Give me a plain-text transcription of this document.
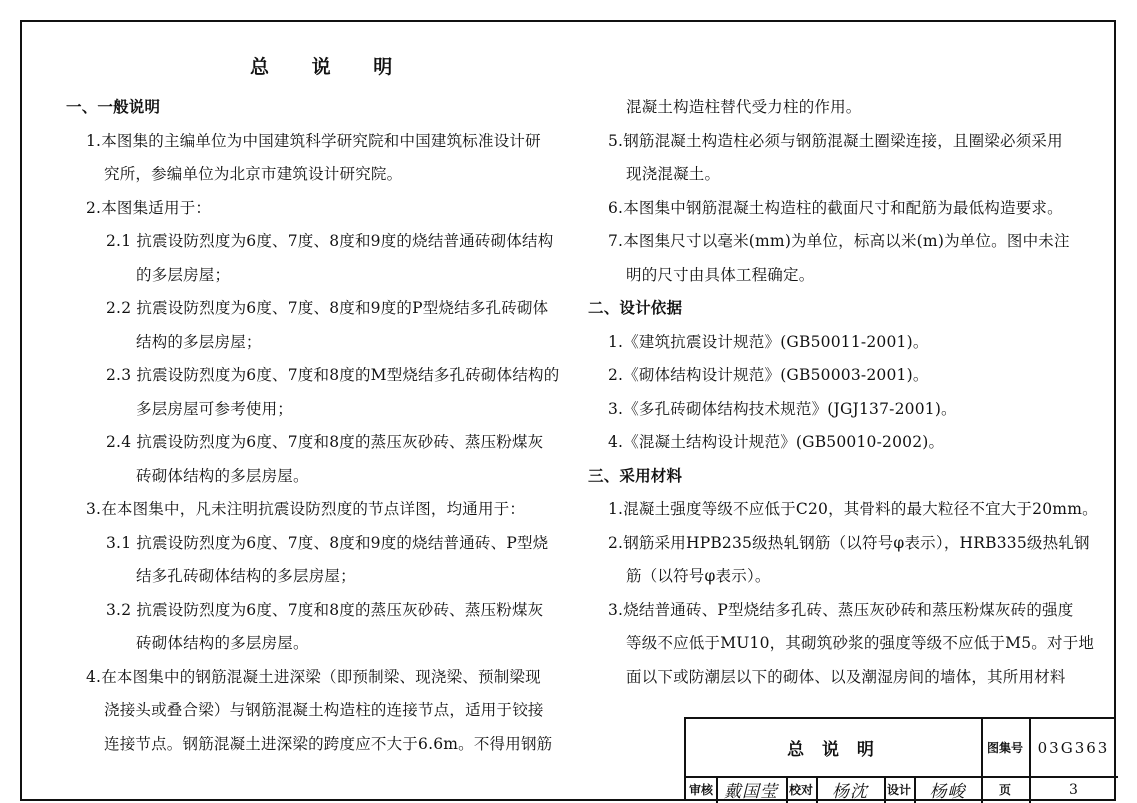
总 说 明
一、一般说明
1.本图集的主编单位为中国建筑科学研究院和中国建筑标准设计研
究所，参编单位为北京市建筑设计研究院。
2.本图集适用于：
2.1 抗震设防烈度为6度、7度、8度和9度的烧结普通砖砌体结构
的多层房屋；
2.2 抗震设防烈度为6度、7度、8度和9度的P型烧结多孔砖砌体
结构的多层房屋；
2.3 抗震设防烈度为6度、7度和8度的M型烧结多孔砖砌体结构的
多层房屋可参考使用；
2.4 抗震设防烈度为6度、7度和8度的蒸压灰砂砖、蒸压粉煤灰
砖砌体结构的多层房屋。
3.在本图集中，凡未注明抗震设防烈度的节点详图，均通用于：
3.1 抗震设防烈度为6度、7度、8度和9度的烧结普通砖、P型烧
结多孔砖砌体结构的多层房屋；
3.2 抗震设防烈度为6度、7度和8度的蒸压灰砂砖、蒸压粉煤灰
砖砌体结构的多层房屋。
4.在本图集中的钢筋混凝土进深梁（即预制梁、现浇梁、预制梁现
浇接头或叠合梁）与钢筋混凝土构造柱的连接节点，适用于铰接
连接节点。钢筋混凝土进深梁的跨度应不大于6.6m。不得用钢筋
混凝土构造柱替代受力柱的作用。
5.钢筋混凝土构造柱必须与钢筋混凝土圈梁连接，且圈梁必须采用
现浇混凝土。
6.本图集中钢筋混凝土构造柱的截面尺寸和配筋为最低构造要求。
7.本图集尺寸以毫米(mm)为单位，标高以米(m)为单位。图中未注
明的尺寸由具体工程确定。
二、设计依据
1.《建筑抗震设计规范》(GB50011-2001)。
2.《砌体结构设计规范》(GB50003-2001)。
3.《多孔砖砌体结构技术规范》(JGJ137-2001)。
4.《混凝土结构设计规范》(GB50010-2002)。
三、采用材料
1.混凝土强度等级不应低于C20，其骨料的最大粒径不宜大于20mm。
2.钢筋采用HPB235级热轧钢筋（以符号φ表示），HRB335级热轧钢
筋（以符号φ表示）。
3.烧结普通砖、P型烧结多孔砖、蒸压灰砂砖和蒸压粉煤灰砖的强度
等级不应低于MU10，其砌筑砂浆的强度等级不应低于M5。对于地
面以下或防潮层以下的砌体、以及潮湿房间的墙体，其所用材料
总 说 明	图集号 03G363
审核 戴国莹 校对	杨沈	设计	杨峻	页	3
